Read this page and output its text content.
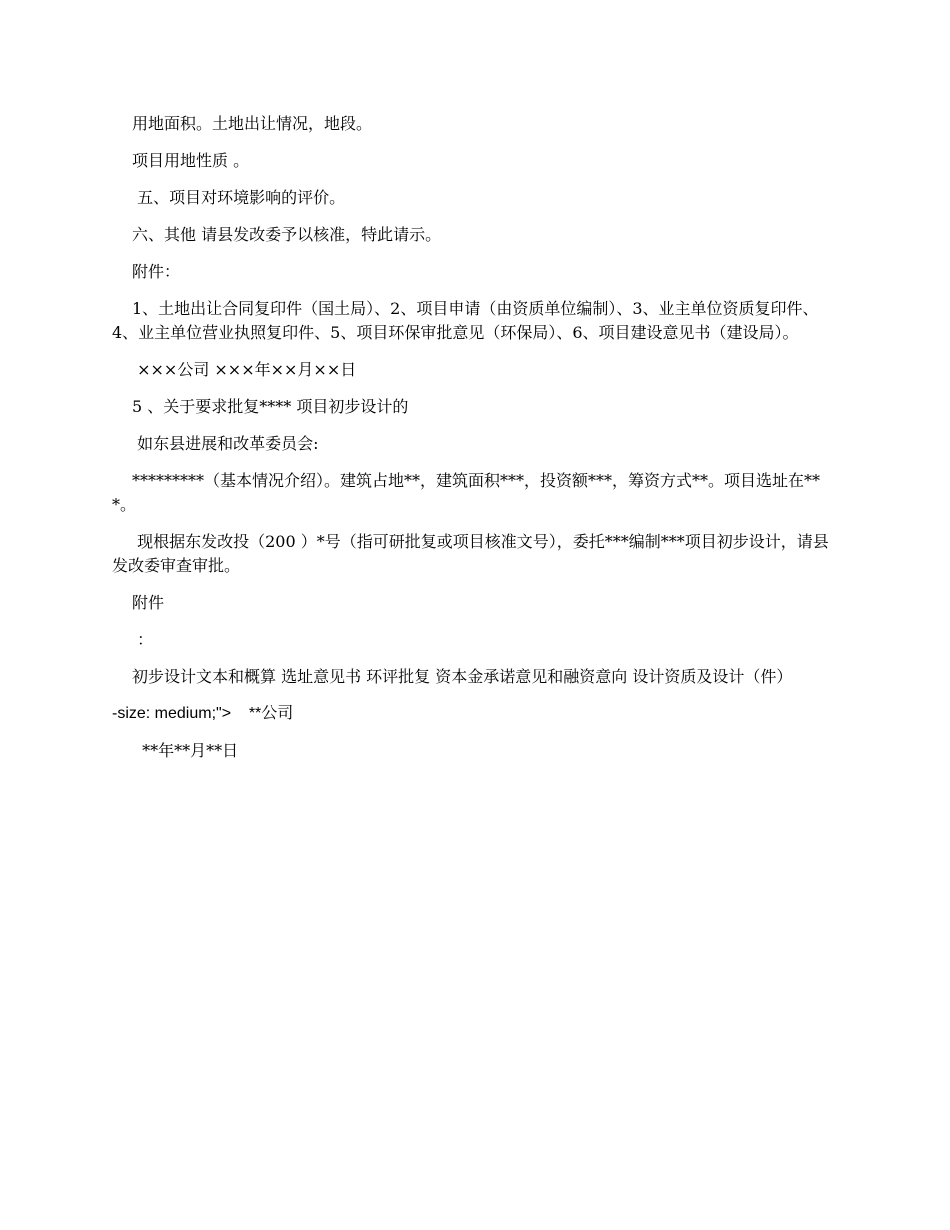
用地面积。土地出让情况，地段。

项目用地性质 。

五、项目对环境影响的评价。

六、其他 请县发改委予以核准，特此请示。

附件：

1、土地出让合同复印件（国土局）、2、项目申请（由资质单位编制）、3、业主单位资质复印件、4、业主单位营业执照复印件、5、项目环保审批意见（环保局）、6、项目建设意见书（建设局）。

×××公司 ×××年××月××日

5 、关于要求批复**** 项目初步设计的

如东县进展和改革委员会:

*********（基本情况介绍）。建筑占地**，建筑面积***，投资额***，筹资方式**。项目选址在***。

现根据东发改投（200 ）*号（指可研批复或项目核准文号），委托***编制***项目初步设计，请县发改委审查审批。

附件

：

初步设计文本和概算 选址意见书 环评批复 资本金承诺意见和融资意向 设计资质及设计（件）

-size: medium;">    **公司

**年**月**日
